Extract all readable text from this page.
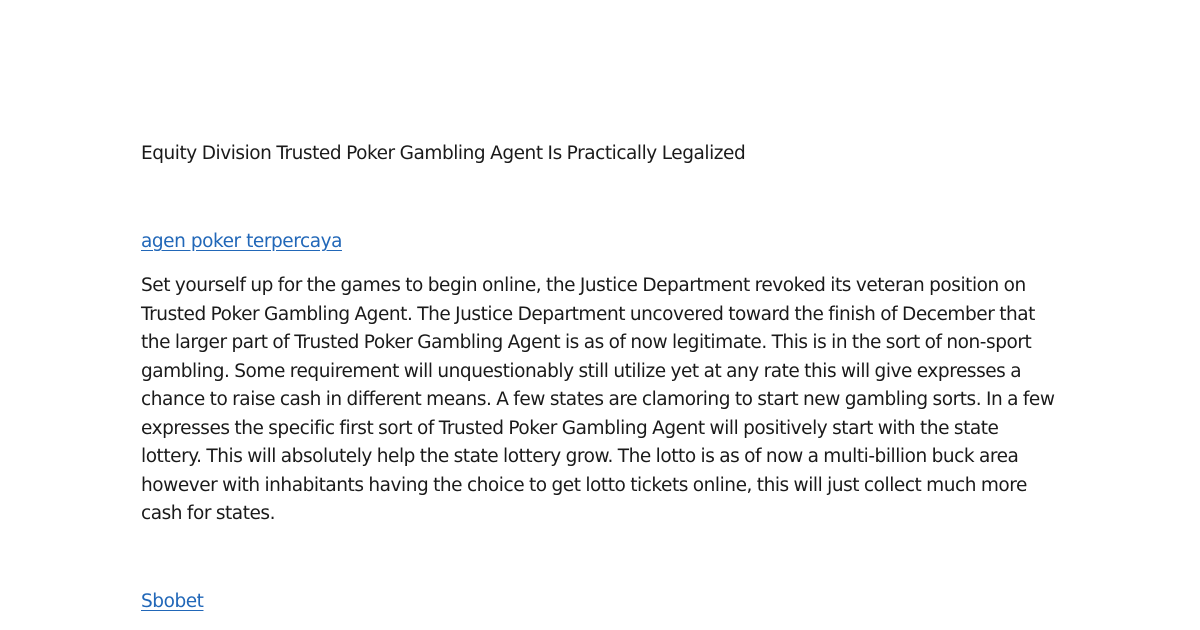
Equity Division Trusted Poker Gambling Agent Is Practically Legalized
agen poker terpercaya

Set yourself up for the games to begin online, the Justice Department revoked its veteran position on
Trusted Poker Gambling Agent. The Justice Department uncovered toward the finish of December that
the larger part of Trusted Poker Gambling Agent is as of now legitimate. This is in the sort of non-sport
gambling. Some requirement will unquestionably still utilize yet at any rate this will give expresses a
chance to raise cash in different means. A few states are clamoring to start new gambling sorts. In a few
expresses the specific first sort of Trusted Poker Gambling Agent will positively start with the state
lottery. This will absolutely help the state lottery grow. The lotto is as of now a multi-billion buck area
however with inhabitants having the choice to get lotto tickets online, this will just collect much more
cash for states.

Sbobet
